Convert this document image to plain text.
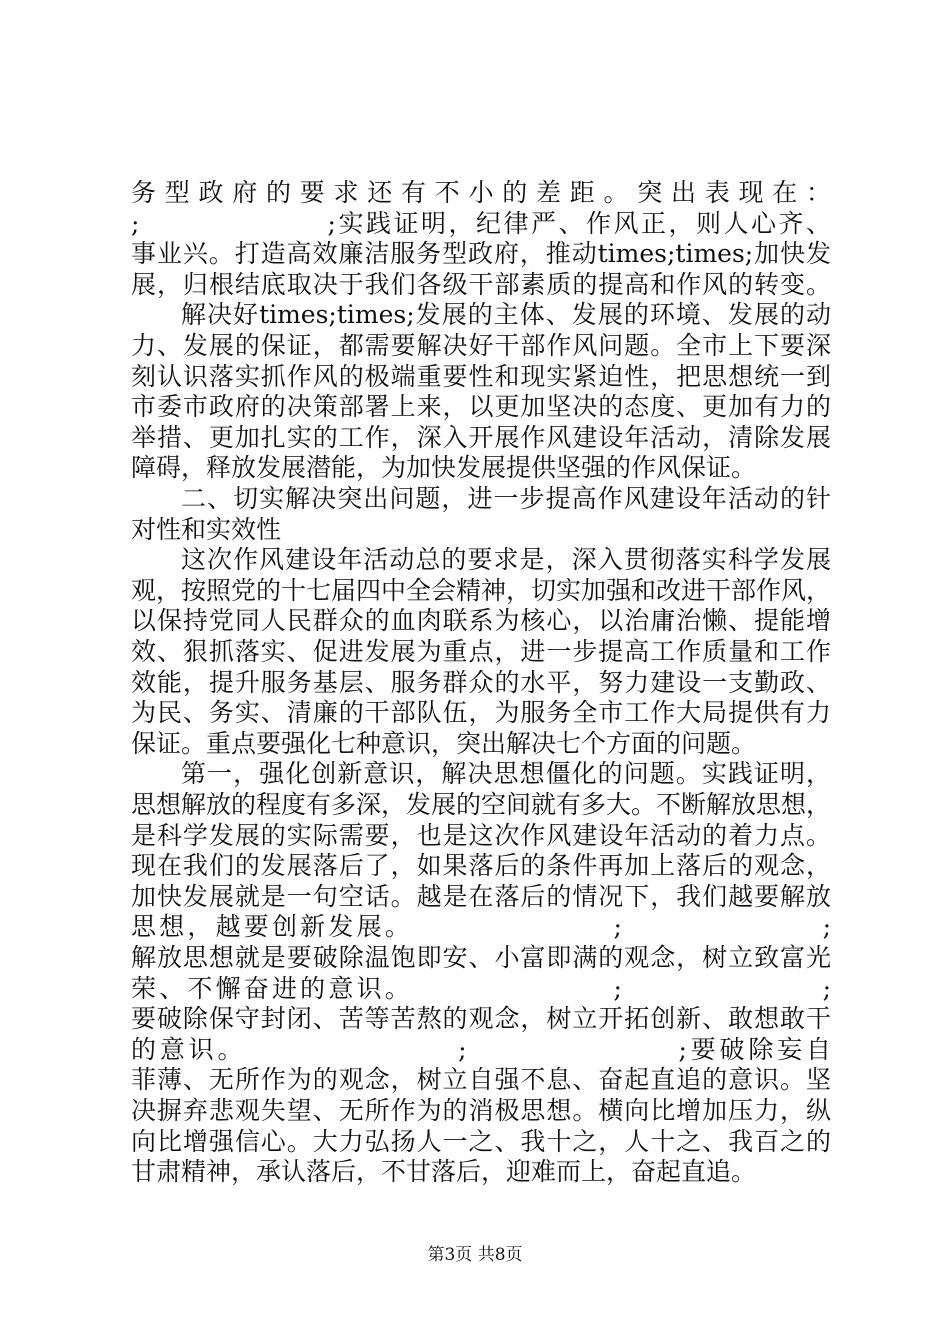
务型政府的要求还有不小的差距。突出表现在：
;                  ;实践证明，纪律严、作风正，则人心齐、
事业兴。打造高效廉洁服务型政府，推动times;times;加快发
展，归根结底取决于我们各级干部素质的提高和作风的转变。
解决好times;times;发展的主体、发展的环境、发展的动
力、发展的保证，都需要解决好干部作风问题。全市上下要深
刻认识落实抓作风的极端重要性和现实紧迫性，把思想统一到
市委市政府的决策部署上来，以更加坚决的态度、更加有力的
举措、更加扎实的工作，深入开展作风建设年活动，清除发展
障碍，释放发展潜能，为加快发展提供坚强的作风保证。
二、切实解决突出问题，进一步提高作风建设年活动的针
对性和实效性
这次作风建设年活动总的要求是，深入贯彻落实科学发展
观，按照党的十七届四中全会精神，切实加强和改进干部作风，
以保持党同人民群众的血肉联系为核心，以治庸治懒、提能增
效、狠抓落实、促进发展为重点，进一步提高工作质量和工作
效能，提升服务基层、服务群众的水平，努力建设一支勤政、
为民、务实、清廉的干部队伍，为服务全市工作大局提供有力
保证。重点要强化七种意识，突出解决七个方面的问题。
第一，强化创新意识，解决思想僵化的问题。实践证明，
思想解放的程度有多深，发展的空间就有多大。不断解放思想，
是科学发展的实际需要，也是这次作风建设年活动的着力点。
现在我们的发展落后了，如果落后的条件再加上落后的观念，
加快发展就是一句空话。越是在落后的情况下，我们越要解放
思想，越要创新发展。                  ;                  ;
解放思想就是要破除温饱即安、小富即满的观念，树立致富光
荣、不懈奋进的意识。                  ;                  ;
要破除保守封闭、苦等苦熬的观念，树立开拓创新、敢想敢干
的意识。                  ;                  ;要破除妄自
菲薄、无所作为的观念，树立自强不息、奋起直追的意识。坚
决摒弃悲观失望、无所作为的消极思想。横向比增加压力，纵
向比增强信心。大力弘扬人一之、我十之，人十之、我百之的
甘肃精神，承认落后，不甘落后，迎难而上，奋起直追。
第3页 共8页
